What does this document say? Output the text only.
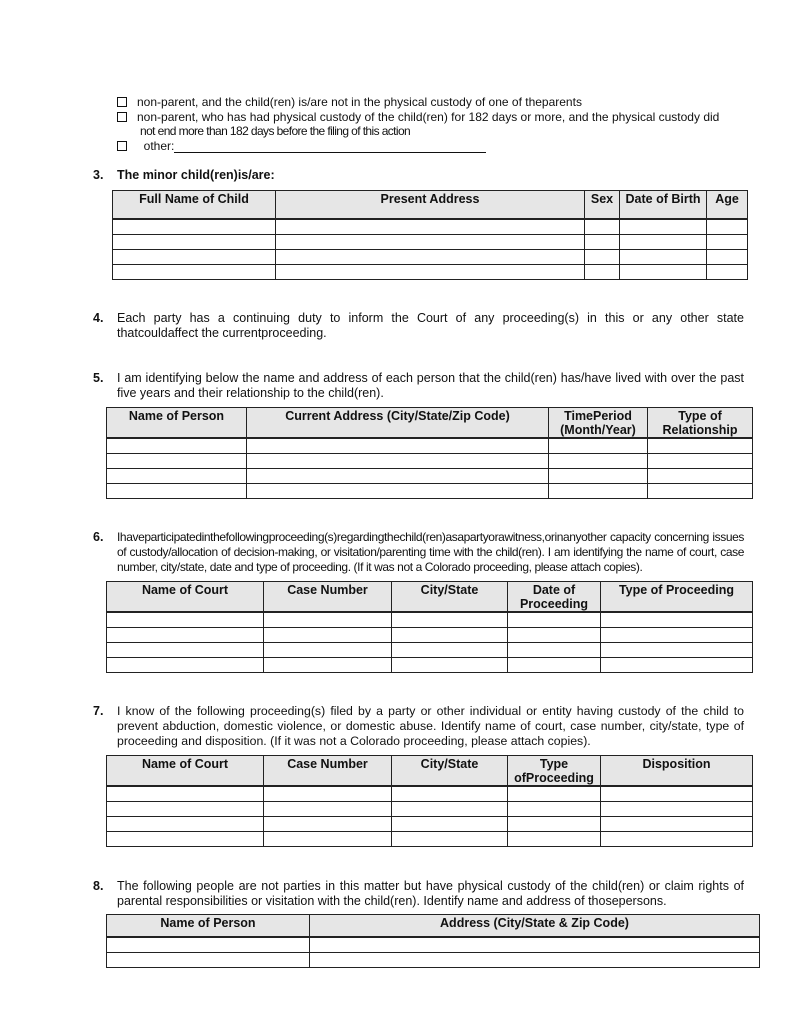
non-parent, and the child(ren) is/are not in the physical custody of one of theparents
non-parent, who has had physical custody of the child(ren) for 182 days or more, and the physical custody did
not end more than 182 days before the filing of this action
other:
3. The minor child(ren)is/are:
Full Name of Child	Present Address	Sex	Date of Birth	Age

4. Each party has a continuing duty to inform the Court of any proceeding(s) in this or any other state thatcouldaffect the currentproceeding.
5. I am identifying below the name and address of each person that the child(ren) has/have lived with over the past five years and their relationship to the child(ren).
Name of Person	Current Address (City/State/Zip Code)	TimePeriod (Month/Year)	Type of Relationship

6. Ihaveparticipatedinthefollowingproceeding(s)regardingthechild(ren)asapartyorawitness,orinanyother capacity concerning issues of custody/allocation of decision-making, or visitation/parenting time with the child(ren). I am identifying the name of court, case number, city/state, date and type of proceeding. (If it was not a Colorado proceeding, please attach copies).
Name of Court	Case Number	City/State	Date of Proceeding	Type of Proceeding

7. I know of the following proceeding(s) filed by a party or other individual or entity having custody of the child to prevent abduction, domestic violence, or domestic abuse. Identify name of court, case number, city/state, type of proceeding and disposition. (If it was not a Colorado proceeding, please attach copies).
Name of Court	Case Number	City/State	Type ofProceeding	Disposition

8. The following people are not parties in this matter but have physical custody of the child(ren) or claim rights of parental responsibilities or visitation with the child(ren). Identify name and address of thosepersons.
Name of Person	Address (City/State & Zip Code)
